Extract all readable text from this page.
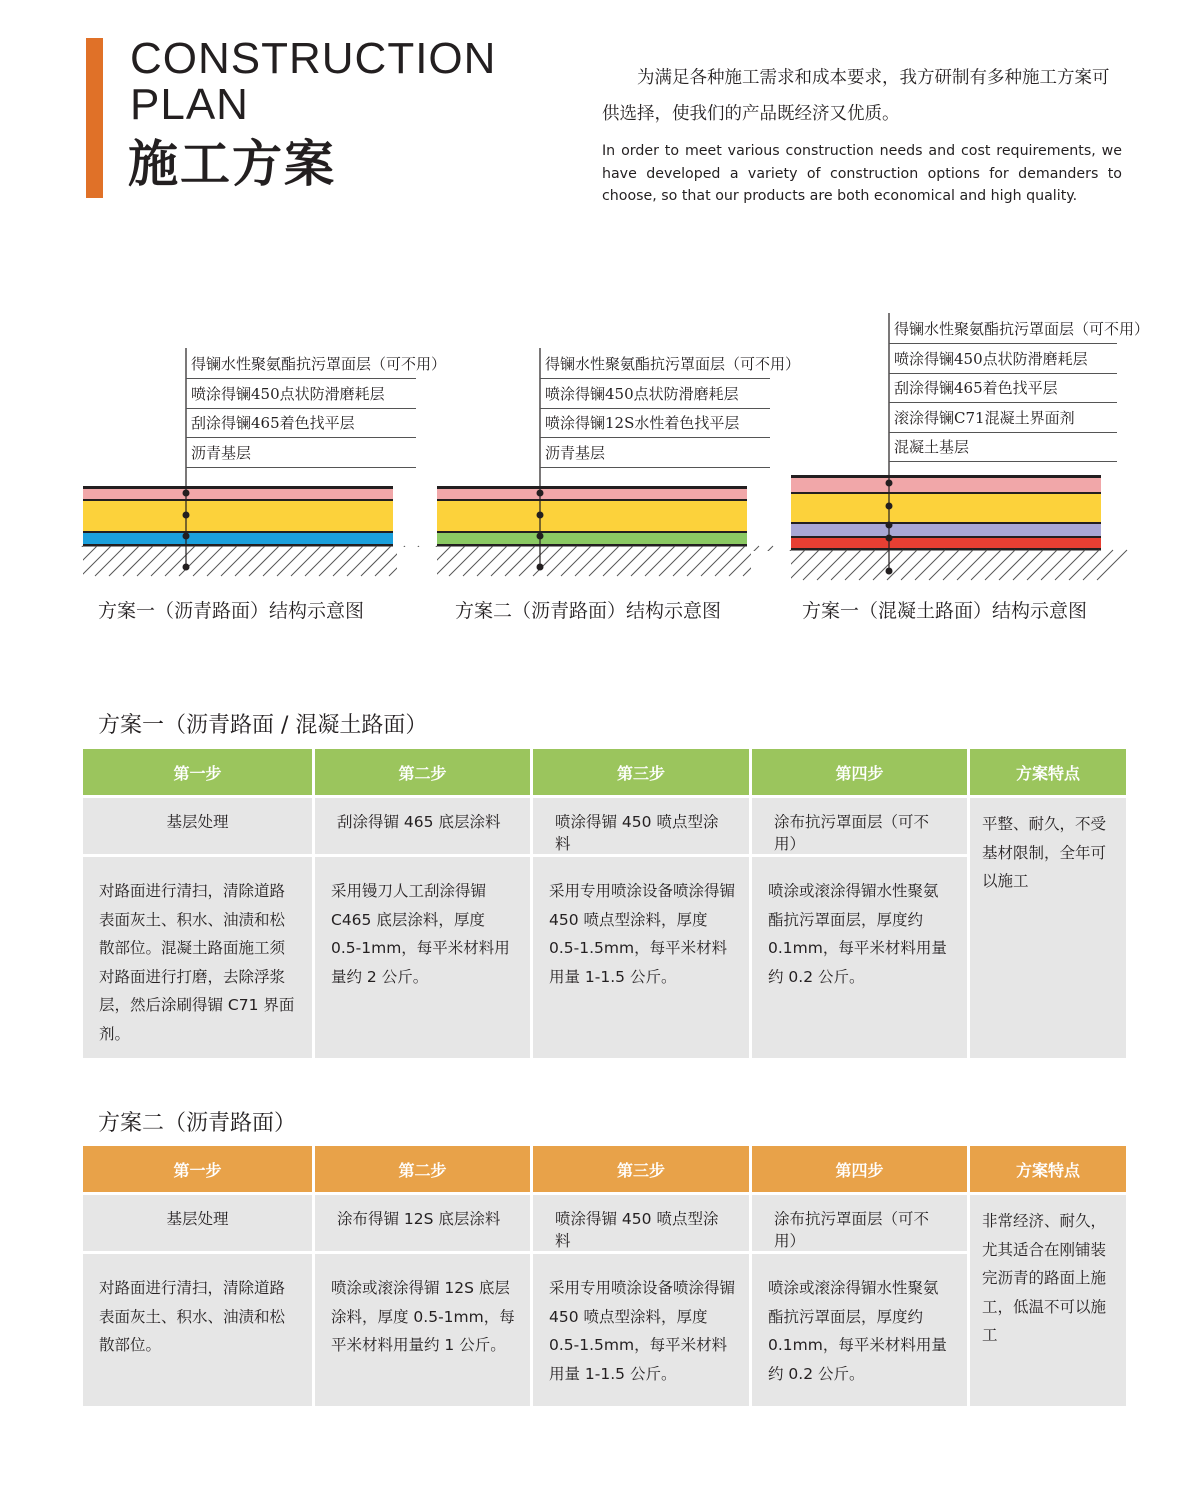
CONSTRUCTION
PLAN
施工方案
为满足各种施工需求和成本要求，我方研制有多种施工方案可供选择，使我们的产品既经济又优质。
In order to meet various construction needs and cost requirements, we have developed a variety of construction options for demanders to choose, so that our products are both economical and high quality.
得镧水性聚氨酯抗污罩面层（可不用）
喷涂得镧450点状防滑磨耗层
刮涂得镧465着色找平层
沥青基层
得镧水性聚氨酯抗污罩面层（可不用）
喷涂得镧450点状防滑磨耗层
喷涂得镧12S水性着色找平层
沥青基层
得镧水性聚氨酯抗污罩面层（可不用）
喷涂得镧450点状防滑磨耗层
刮涂得镧465着色找平层
滚涂得镧C71混凝土界面剂
混凝土基层
方案一（沥青路面）结构示意图	方案二（沥青路面）结构示意图	方案一（混凝土路面）结构示意图
方案一（沥青路面 / 混凝土路面）
第一步	第二步	第三步	第四步	方案特点
基层处理	刮涂得镅 465 底层涂料	喷涂得镅 450 喷点型涂料	涂布抗污罩面层（可不用）	平整、耐久，不受基材限制，全年可以施工
对路面进行清扫，清除道路表面灰土、积水、油渍和松散部位。混凝土路面施工须对路面进行打磨，去除浮浆层，然后涂刷得镅 C71 界面剂。	采用镘刀人工刮涂得镅 C465 底层涂料，厚度 0.5-1mm，每平米材料用量约 2 公斤。	采用专用喷涂设备喷涂得镅 450 喷点型涂料，厚度 0.5-1.5mm，每平米材料用量 1-1.5 公斤。	喷涂或滚涂得镅水性聚氨酯抗污罩面层，厚度约 0.1mm，每平米材料用量约 0.2 公斤。	
方案二（沥青路面）
第一步	第二步	第三步	第四步	方案特点
基层处理	涂布得镅 12S 底层涂料	喷涂得镅 450 喷点型涂料	涂布抗污罩面层（可不用）	非常经济、耐久，尤其适合在刚铺装完沥青的路面上施工，低温不可以施工
对路面进行清扫，清除道路表面灰土、积水、油渍和松散部位。	喷涂或滚涂得镅 12S 底层涂料，厚度 0.5-1mm，每平米材料用量约 1 公斤。	采用专用喷涂设备喷涂得镅 450 喷点型涂料，厚度 0.5-1.5mm，每平米材料用量 1-1.5 公斤。	喷涂或滚涂得镅水性聚氨酯抗污罩面层，厚度约 0.1mm，每平米材料用量约 0.2 公斤。	
